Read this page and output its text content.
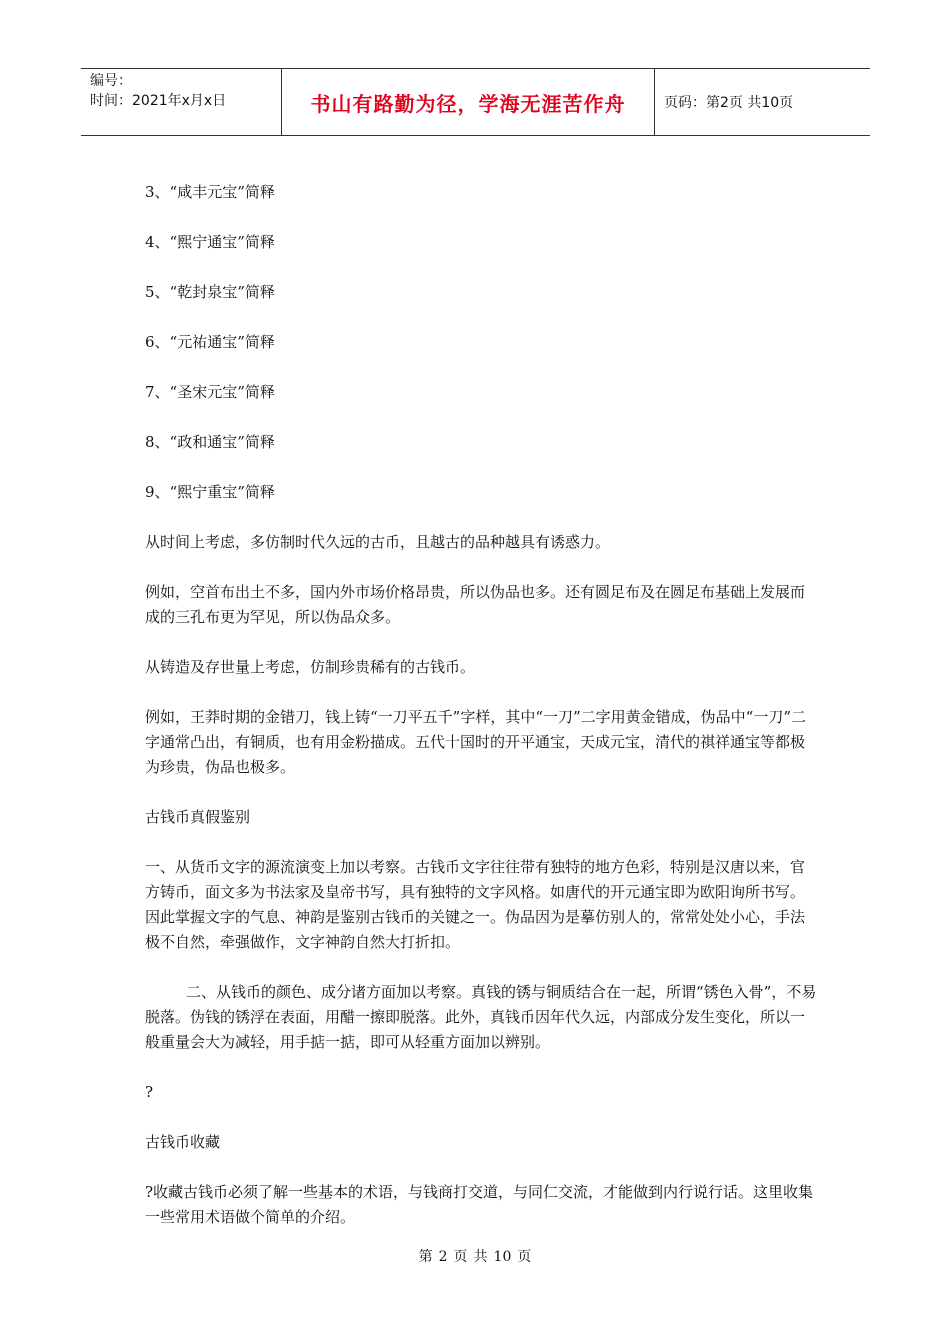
编号：
时间：2021年x月x日	书山有路勤为径，学海无涯苦作舟	页码：第2页 共10页

3、“咸丰元宝”简释

4、“熙宁通宝”简释

5、“乾封泉宝”简释

6、“元祐通宝”简释

7、“圣宋元宝”简释

8、“政和通宝”简释

9、“熙宁重宝”简释

从时间上考虑，多仿制时代久远的古币，且越古的品种越具有诱惑力。

例如，空首布出土不多，国内外市场价格昂贵，所以伪品也多。还有圆足布及在圆足布基础上发展而成的三孔布更为罕见，所以伪品众多。

从铸造及存世量上考虑，仿制珍贵稀有的古钱币。

例如，王莽时期的金错刀，钱上铸“一刀平五千”字样，其中“一刀”二字用黄金错成，伪品中“一刀”二字通常凸出，有铜质，也有用金粉描成。五代十国时的开平通宝，天成元宝，清代的祺祥通宝等都极为珍贵，伪品也极多。

古钱币真假鉴别

一、从货币文字的源流演变上加以考察。古钱币文字往往带有独特的地方色彩，特别是汉唐以来，官方铸币，面文多为书法家及皇帝书写，具有独特的文字风格。如唐代的开元通宝即为欧阳询所书写。因此掌握文字的气息、神韵是鉴别古钱币的关键之一。伪品因为是摹仿别人的，常常处处小心，手法极不自然，牵强做作，文字神韵自然大打折扣。

二、从钱币的颜色、成分诸方面加以考察。真钱的锈与铜质结合在一起，所谓“锈色入骨”，不易脱落。伪钱的锈浮在表面，用醋一擦即脱落。此外，真钱币因年代久远，内部成分发生变化，所以一般重量会大为减轻，用手掂一掂，即可从轻重方面加以辨别。

?

古钱币收藏

?收藏古钱币必须了解一些基本的术语，与钱商打交道，与同仁交流，才能做到内行说行话。这里收集一些常用术语做个简单的介绍。

第 2 页 共 10 页
